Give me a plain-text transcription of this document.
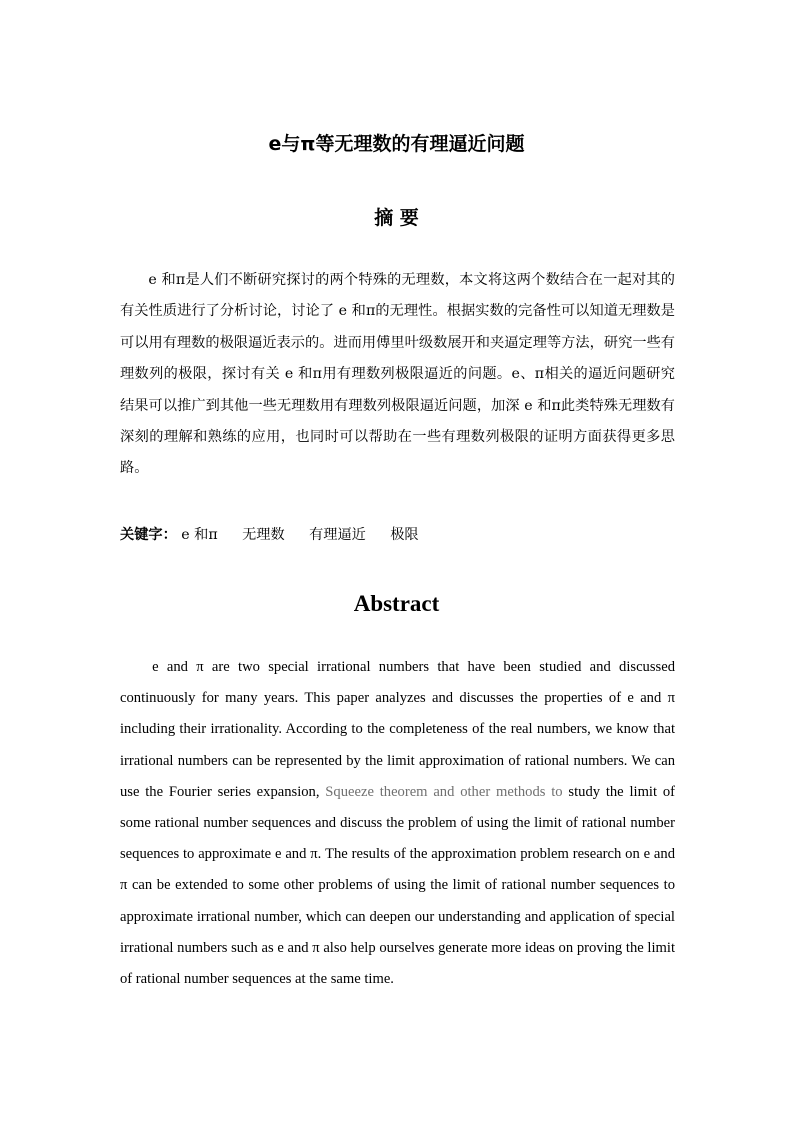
e与π等无理数的有理逼近问题
摘 要

e 和π是人们不断研究探讨的两个特殊的无理数，本文将这两个数结合在一起对其的有关性质进行了分析讨论，讨论了 e 和π的无理性。根据实数的完备性可以知道无理数是可以用有理数的极限逼近表示的。进而用傅里叶级数展开和夹逼定理等方法，研究一些有理数列的极限，探讨有关 e 和π用有理数列极限逼近的问题。e、π相关的逼近问题研究结果可以推广到其他一些无理数用有理数列极限逼近问题，加深 e 和π此类特殊无理数有深刻的理解和熟练的应用，也同时可以帮助在一些有理数列极限的证明方面获得更多思路。

关键字： e 和π 无理数 有理逼近 极限
Abstract

e and π are two special irrational numbers that have been studied and discussed continuously for many years. This paper analyzes and discusses the properties of e and π including their irrationality. According to the completeness of the real numbers, we know that irrational numbers can be represented by the limit approximation of rational numbers. We can use the Fourier series expansion, Squeeze theorem and other methods to study the limit of some rational number sequences and discuss the problem of using the limit of rational number sequences to approximate e and π. The results of the approximation problem research on e and π can be extended to some other problems of using the limit of rational number sequences to approximate irrational number, which can deepen our understanding and application of special irrational numbers such as e and π also help ourselves generate more ideas on proving the limit of rational number sequences at the same time.
